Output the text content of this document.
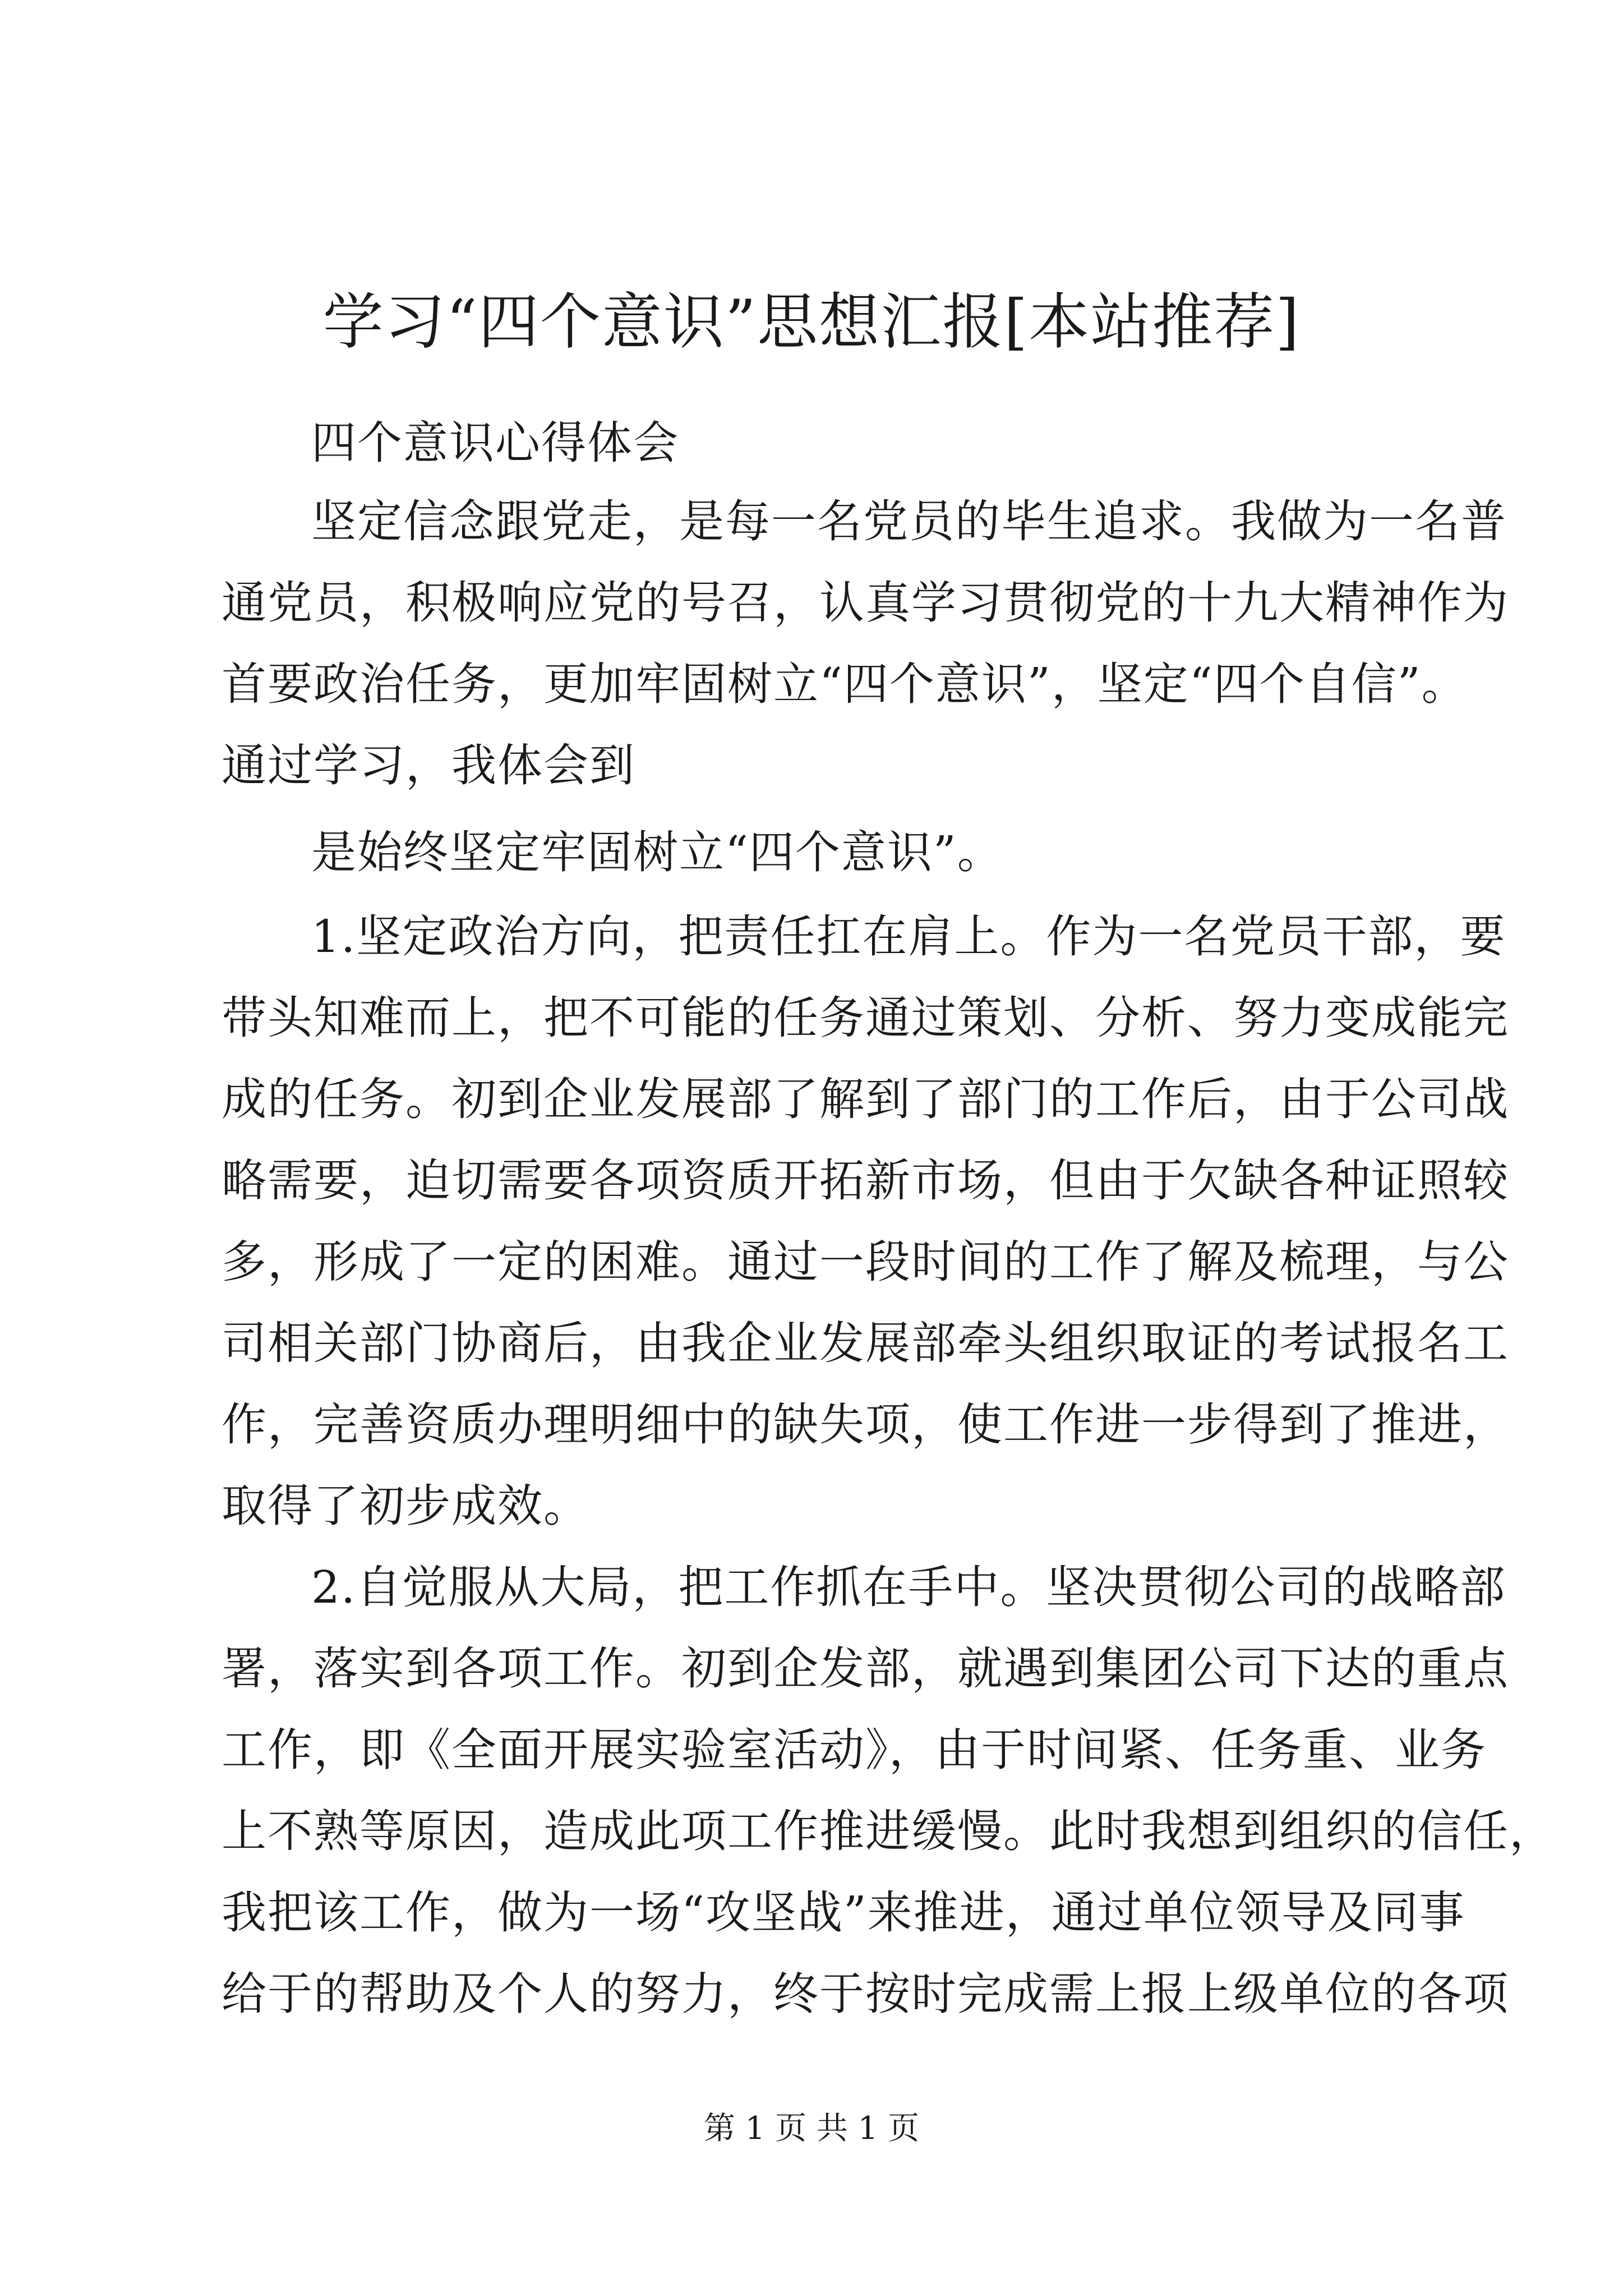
学习“四个意识”思想汇报[本站推荐]
四个意识心得体会
坚定信念跟党走，是每一名党员的毕生追求。我做为一名普
通党员，积极响应党的号召，认真学习贯彻党的十九大精神作为
首要政治任务，更加牢固树立“四个意识”，坚定“四个自信”。
通过学习，我体会到
是始终坚定牢固树立“四个意识”。
1.坚定政治方向，把责任扛在肩上。作为一名党员干部，要
带头知难而上，把不可能的任务通过策划、分析、努力变成能完
成的任务。初到企业发展部了解到了部门的工作后，由于公司战
略需要，迫切需要各项资质开拓新市场，但由于欠缺各种证照较
多，形成了一定的困难。通过一段时间的工作了解及梳理，与公
司相关部门协商后，由我企业发展部牵头组织取证的考试报名工
作，完善资质办理明细中的缺失项，使工作进一步得到了推进，
取得了初步成效。
2.自觉服从大局，把工作抓在手中。坚决贯彻公司的战略部
署，落实到各项工作。初到企发部，就遇到集团公司下达的重点
工作，即《全面开展实验室活动》，由于时间紧、任务重、业务
上不熟等原因，造成此项工作推进缓慢。此时我想到组织的信任，
我把该工作，做为一场“攻坚战”来推进，通过单位领导及同事
给于的帮助及个人的努力，终于按时完成需上报上级单位的各项
第 1 页 共 1 页
